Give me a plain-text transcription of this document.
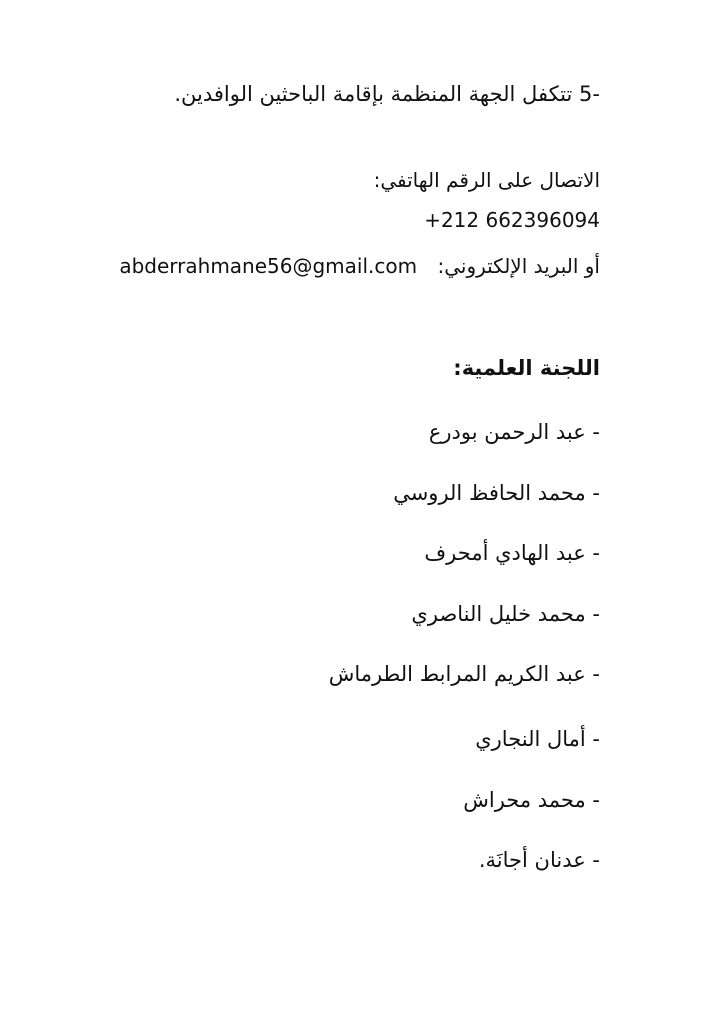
5- تتكفل الجهة المنظمة بإقامة الباحثين الوافدين.
الاتصال على الرقم الهاتفي:
+212 662396094
أو البريد الإلكتروني: abderrahmane56@gmail.com
اللجنة العلمية:
- عبد الرحمن بودرع
- محمد الحافظ الروسي
- عبد الهادي أمحرف
- محمد خليل الناصري
- عبد الكريم المرابط الطرماش
- أمال النجاري
- محمد محراش
- عدنان أجانَة.
